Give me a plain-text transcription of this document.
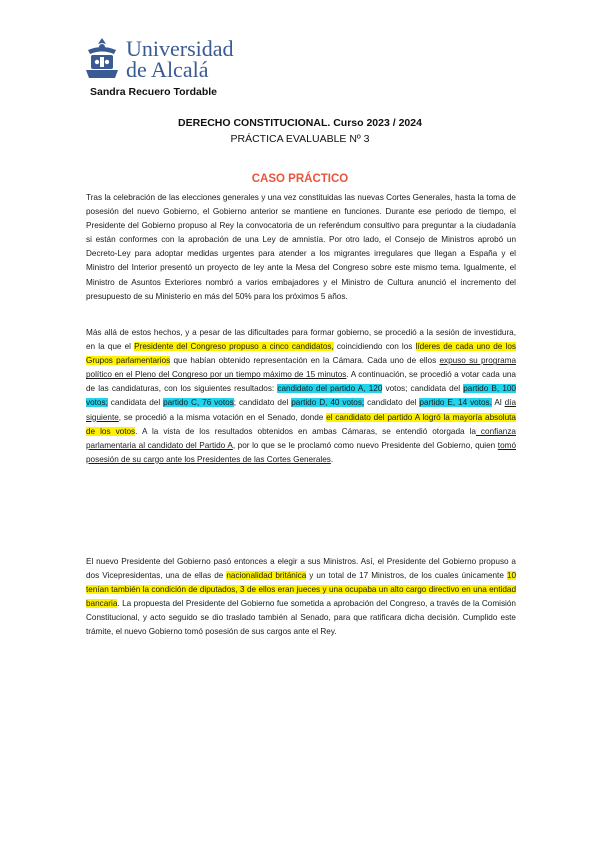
Universidad
de Alcalá
Sandra Recuero Tordable
DERECHO CONSTITUCIONAL. Curso 2023 / 2024
PRÁCTICA EVALUABLE Nº 3
CASO PRÁCTICO

Tras la celebración de las elecciones generales y una vez constituidas las nuevas Cortes Generales, hasta la toma de posesión del nuevo Gobierno, el Gobierno anterior se mantiene en funciones. Durante ese periodo de tiempo, el Presidente del Gobierno propuso al Rey la convocatoria de un referéndum consultivo para preguntar a la ciudadanía si están conformes con la aprobación de una Ley de amnistía. Por otro lado, el Consejo de Ministros aprobó un Decreto-Ley para adoptar medidas urgentes para atender a los migrantes irregulares que llegan a España y el Ministro del Interior presentó un proyecto de ley ante la Mesa del Congreso sobre este mismo tema. Igualmente, el Ministro de Asuntos Exteriores nombró a varios embajadores y el Ministro de Cultura anunció el incremento del presupuesto de su Ministerio en más del 50% para los próximos 5 años.

Más allá de estos hechos, y a pesar de las dificultades para formar gobierno, se procedió a la sesión de investidura, en la que el Presidente del Congreso propuso a cinco candidatos, coincidiendo con los líderes de cada uno de los Grupos parlamentarios que habían obtenido representación en la Cámara. Cada uno de ellos expuso su programa político en el Pleno del Congreso por un tiempo máximo de 15 minutos. A continuación, se procedió a votar cada una de las candidaturas, con los siguientes resultados: candidato del partido A, 120 votos; candidata del partido B, 100 votos; candidata del partido C, 76 votos; candidato del partido D, 40 votos; candidato del partido E, 14 votos. Al día siguiente, se procedió a la misma votación en el Senado, donde el candidato del partido A logró la mayoría absoluta de los votos. A la vista de los resultados obtenidos en ambas Cámaras, se entendió otorgada la confianza parlamentaria al candidato del Partido A, por lo que se le proclamó como nuevo Presidente del Gobierno, quien tomó posesión de su cargo ante los Presidentes de las Cortes Generales.

El nuevo Presidente del Gobierno pasó entonces a elegir a sus Ministros. Así, el Presidente del Gobierno propuso a dos Vicepresidentas, una de ellas de nacionalidad británica y un total de 17 Ministros, de los cuales únicamente 10 tenían también la condición de diputados, 3 de ellos eran jueces y una ocupaba un alto cargo directivo en una entidad bancaria. La propuesta del Presidente del Gobierno fue sometida a aprobación del Congreso, a través de la Comisión Constitucional, y acto seguido se dio traslado también al Senado, para que ratificara dicha decisión. Cumplido este trámite, el nuevo Gobierno tomó posesión de sus cargos ante el Rey.
